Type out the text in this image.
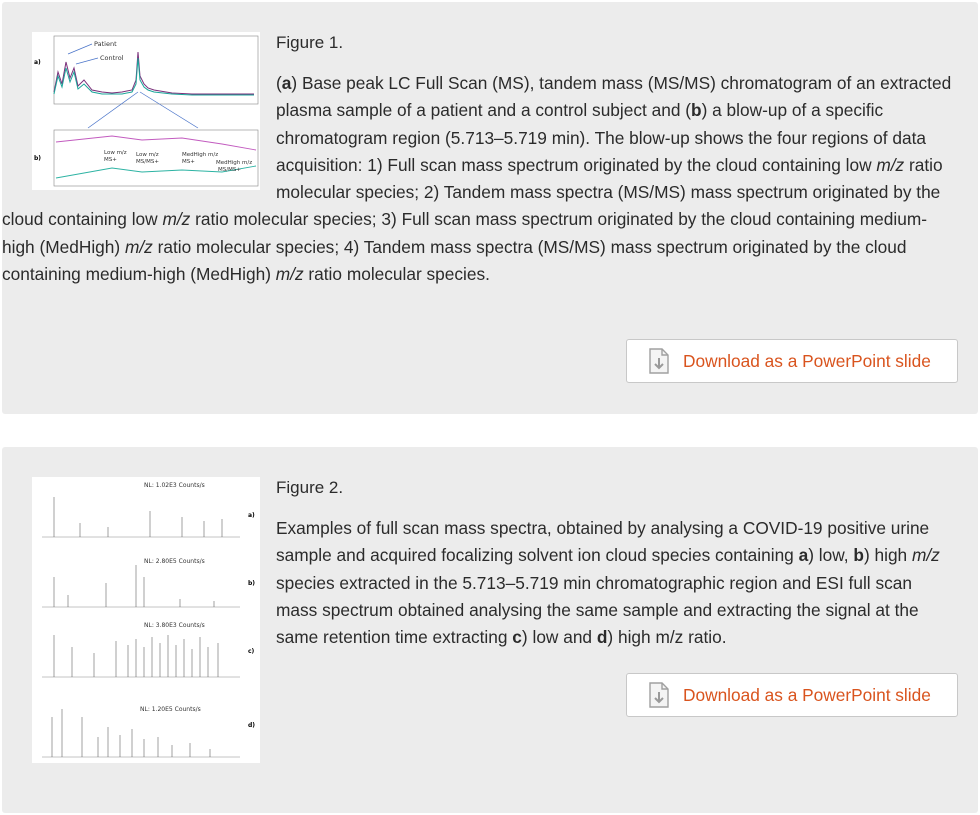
a)
Patient
Control
b)
Low m/z
MS+
Low m/z
MS/MS+
MedHigh m/z
MS+	MedHigh m/z
MS/MS+

Figure 1.

(a) Base peak LC Full Scan (MS), tandem mass (MS/MS) chromatogram of an extracted plasma sample of a patient and a control subject and (b) a blow-up of a specific chromatogram region (5.713–5.719 min). The blow-up shows the four regions of data acquisition: 1) Full scan mass spectrum originated by the cloud containing low m/z ratio molecular species; 2) Tandem mass spectra (MS/MS) mass spectrum originated by the cloud containing low m/z ratio molecular species; 3) Full scan mass spectrum originated by the cloud containing medium-high (MedHigh) m/z ratio molecular species; 4) Tandem mass spectra (MS/MS) mass spectrum originated by the cloud containing medium-high (MedHigh) m/z ratio molecular species.

Download as a PowerPoint slide
NL: 1.02E3 Counts/s
a)
NL: 2.80E5 Counts/s
b)
NL: 3.80E3 Counts/s
c)
NL: 1.20E5 Counts/s
d)

Figure 2.

Examples of full scan mass spectra, obtained by analysing a COVID-19 positive urine sample and acquired focalizing solvent ion cloud species containing a) low, b) high m/z species extracted in the 5.713–5.719 min chromatographic region and ESI full scan mass spectrum obtained analysing the same sample and extracting the signal at the same retention time extracting c) low and d) high m/z ratio.

Download as a PowerPoint slide
